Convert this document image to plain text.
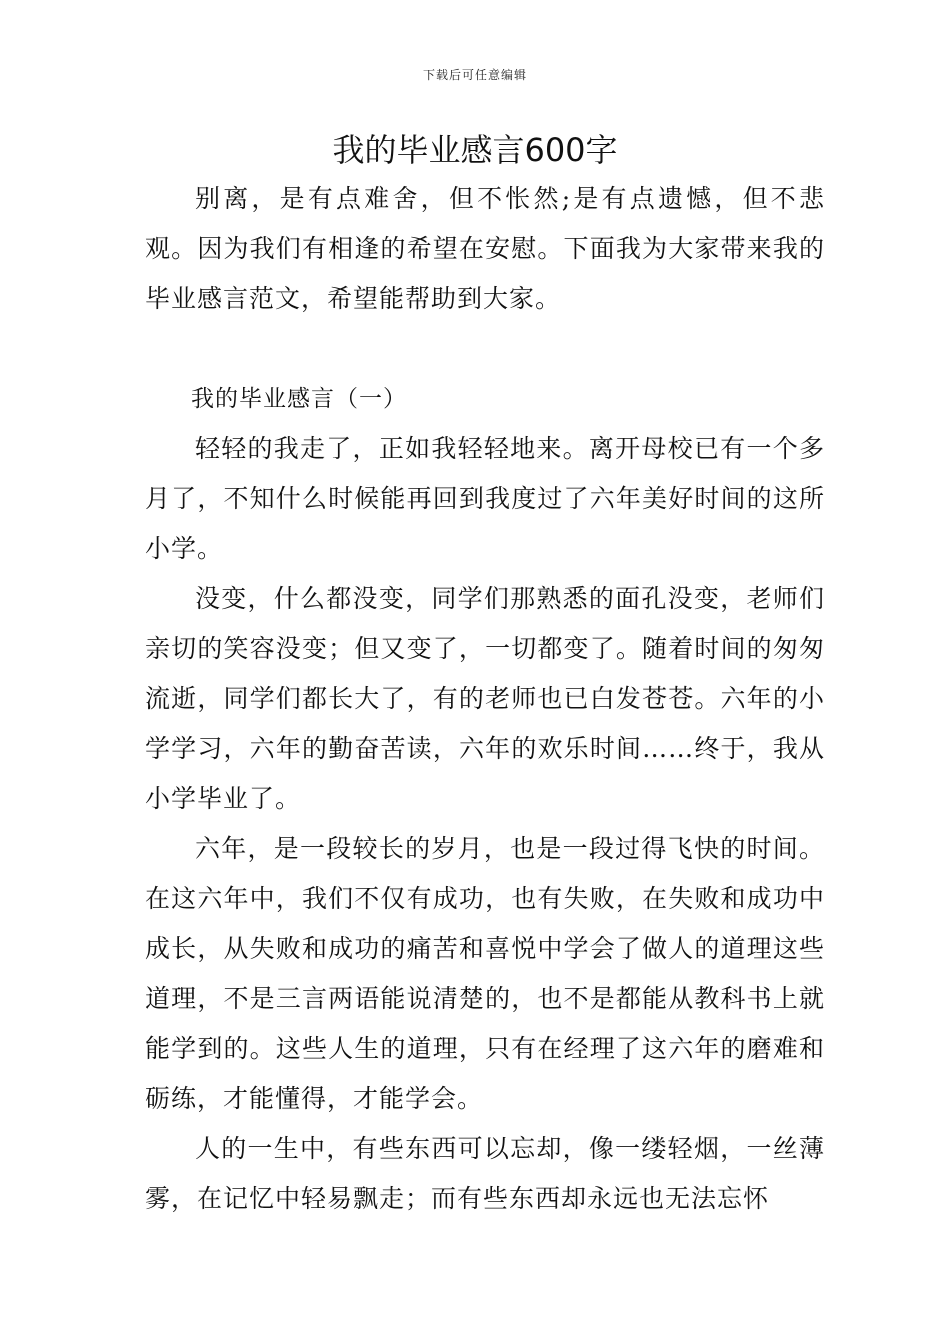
下载后可任意编辑
我的毕业感言600字

别离，是有点难舍，但不怅然;是有点遗憾，但不悲观。因为我们有相逢的希望在安慰。下面我为大家带来我的毕业感言范文，希望能帮助到大家。

我的毕业感言（一）

轻轻的我走了，正如我轻轻地来。离开母校已有一个多月了，不知什么时候能再回到我度过了六年美好时间的这所小学。

没变，什么都没变，同学们那熟悉的面孔没变，老师们亲切的笑容没变；但又变了，一切都变了。随着时间的匆匆流逝，同学们都长大了，有的老师也已白发苍苍。六年的小学学习，六年的勤奋苦读，六年的欢乐时间……终于，我从小学毕业了。

六年，是一段较长的岁月，也是一段过得飞快的时间。在这六年中，我们不仅有成功，也有失败，在失败和成功中成长，从失败和成功的痛苦和喜悦中学会了做人的道理这些道理，不是三言两语能说清楚的，也不是都能从教科书上就能学到的。这些人生的道理，只有在经理了这六年的磨难和砺练，才能懂得，才能学会。

人的一生中，有些东西可以忘却，像一缕轻烟，一丝薄雾，在记忆中轻易飘走；而有些东西却永远也无法忘怀
